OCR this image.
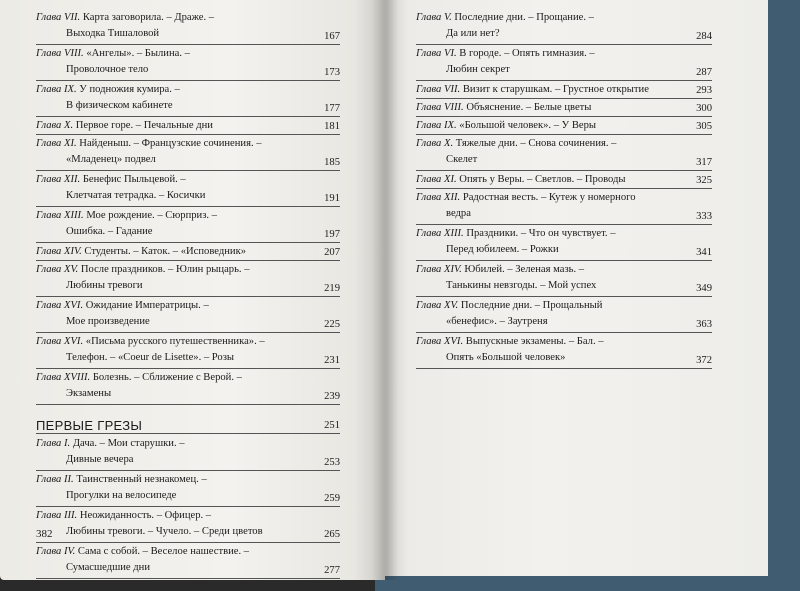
Глава VII. Карта заговорила. – Драже. –
Выходка Тишаловой	167
Глава VIII. «Ангелы». – Былина. –
Проволочное тело	173
Глава IX. У подножия кумира. –
В физическом кабинете	177
Глава X. Первое горе. – Печальные дни	181
Глава XI. Найденыш. – Французские сочинения. –
«Младенец» подвел	185
Глава XII. Бенефис Пыльцевой. –
Клетчатая тетрадка. – Косички	191
Глава XIII. Мое рождение. – Сюрприз. –
Ошибка. – Гадание	197
Глава XIV. Студенты. – Каток. – «Исповедник»	207
Глава XV. После праздников. – Юлин рыцарь. –
Любины тревоги	219
Глава XVI. Ожидание Императрицы. –
Мое произведение	225
Глава XVI. «Письма русского путешественника». –
Телефон. – «Coeur de Lisette». – Розы	231
Глава XVIII. Болезнь. – Сближение с Верой. –
Экзамены	239
ПЕРВЫЕ ГРЕЗЫ	251
Глава I. Дача. – Мои старушки. –
Дивные вечера	253
Глава II. Таинственный незнакомец. –
Прогулки на велосипеде	259
Глава III. Неожиданность. – Офицер. –
Любины тревоги. – Чучело. – Среди цветов	265
Глава IV. Сама с собой. – Веселое нашествие. –
Сумасшедшие дни	277
382
Глава V. Последние дни. – Прощание. –
Да или нет?	284
Глава VI. В городе. – Опять гимназия. –
Любин секрет	287
Глава VII. Визит к старушкам. – Грустное открытие	293
Глава VIII. Объяснение. – Белые цветы	300
Глава IX. «Большой человек». – У Веры	305
Глава X. Тяжелые дни. – Снова сочинения. –
Скелет	317
Глава XI. Опять у Веры. – Светлов. – Проводы	325
Глава XII. Радостная весть. – Кутеж у номерного
ведра	333
Глава XIII. Праздники. – Что он чувствует. –
Перед юбилеем. – Рожки	341
Глава XIV. Юбилей. – Зеленая мазь. –
Танькины невзгоды. – Мой успех	349
Глава XV. Последние дни. – Прощальный
«бенефис». – Заутреня	363
Глава XVI. Выпускные экзамены. – Бал. –
Опять «Большой человек»	372
